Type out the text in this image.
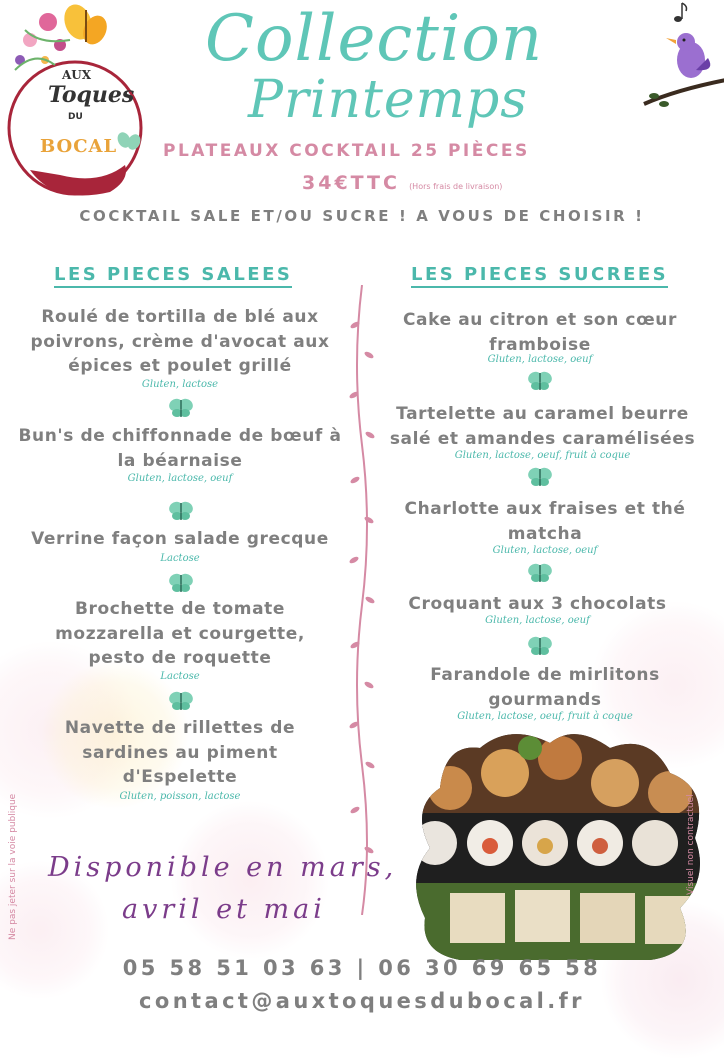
AUX
Toques
DU
BOCAL
Collection
Printemps
PLATEAUX COCKTAIL 25 PIÈCES
34€TTC (Hors frais de livraison)
COCKTAIL SALE ET/OU SUCRE ! A VOUS DE CHOISIR !
LES PIECES SALEES	LES PIECES SUCREES
Roulé de tortilla de blé aux poivrons, crème d'avocat aux épices et poulet grillé
Gluten, lactose
Bun's de chiffonnade de bœuf à la béarnaise
Gluten, lactose, oeuf
Verrine façon salade grecque
Lactose
Brochette de tomate mozzarella et courgette, pesto de roquette
Lactose
Navette de rillettes de sardines au piment d'Espelette
Gluten, poisson, lactose
Cake au citron et son cœur framboise
Gluten, lactose, oeuf
Tartelette au caramel beurre salé et amandes caramélisées
Gluten, lactose, oeuf, fruit à coque
Charlotte aux fraises et thé matcha
Gluten, lactose, oeuf
Croquant aux 3 chocolats
Gluten, lactose, oeuf
Farandole de mirlitons gourmands
Gluten, lactose, oeuf, fruit à coque
Disponible en mars,
avril et mai
Ne pas jeter sur la voie publique	Visuel non contractuel
05 58 51 03 63 | 06 30 69 65 58
contact@auxtoquesdubocal.fr
